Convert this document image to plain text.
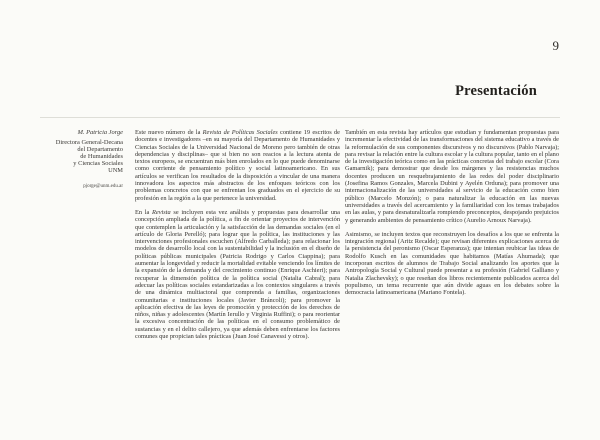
9
Presentación
M. Patricia Jorge
Directora General-Decana
del Departamento
de Humanidades
y Ciencias Sociales
UNM
pjorge@unm.edu.ar

Este nuevo número de la Revista de Políticas Sociales contiene 19 escritos de docentes e investigadores –en su mayoría del Departamento de Humanidades y Ciencias Sociales de la Universidad Nacional de Moreno pero también de otras dependencias y disciplinas– que si bien no son reacios a la lectura atenta de textos europeos, se encuentran más bien enrolados en lo que puede denominarse como corriente de pensamiento político y social latinoamericano. En sus artículos se verifican los resultados de la disposición a vincular de una manera innovadora los aspectos más abstractos de los enfoques teóricos con los problemas concretos con que se enfrentan los graduados en el ejercicio de su profesión en la región a la que pertenece la universidad.

En la Revista se incluyen esta vez análisis y propuestas para desarrollar una concepción ampliada de la política, a fin de orientar proyectos de intervención que contemplen la articulación y la satisfacción de las demandas sociales (en el artículo de Gloria Perelló); para lograr que la política, las instituciones y las intervenciones profesionales escuchen (Alfredo Carballeda); para relacionar los modelos de desarrollo local con la sustentabilidad y la inclusión en el diseño de políticas públicas municipales (Patricia Rodrigo y Carlos Ciappina); para aumentar la longevidad y reducir la mortalidad evitable venciendo los límites de la expansión de la demanda y del crecimiento continuo (Enrique Aschieri); para recuperar la dimensión política de la política social (Natalia Cabral); para adecuar las políticas sociales estandarizadas a los contextos singulares a través de una dinámica multiactoral que comprenda a familias, organizaciones comunitarias e instituciones locales (Javier Bráncoli); para promover la aplicación efectiva de las leyes de promoción y protección de los derechos de niños, niñas y adolescentes (Martín Ierullo y Virginia Ruffini); o para reorientar la excesiva concentración de las políticas en el consumo problemático de sustancias y en el delito callejero, ya que además deben enfrentarse los factores comunes que propician tales prácticas (Juan José Canavessi y otros).

También en esta revista hay artículos que estudian y fundamentan propuestas para incrementar la efectividad de las transformaciones del sistema educativo a través de la reformulación de sus componentes discursivos y no discursivos (Pablo Narvaja); para revisar la relación entre la cultura escolar y la cultura popular, tanto en el plano de la investigación teórica como en las prácticas concretas del trabajo escolar (Cora Gamarnik); para demostrar que desde los márgenes y las resistencias muchos docentes producen un resquebrajamiento de las redes del poder disciplinario (Josefina Ramos Gonzales, Marcela Dubini y Ayelén Orduna); para promover una internacionalización de las universidades al servicio de la educación como bien público (Marcelo Monzón); o para naturalizar la educación en las nuevas universidades a través del acercamiento y la familiaridad con los temas trabajados en las aulas, y para desnaturalizarla rompiendo preconceptos, despojando prejuicios y generando ambientes de pensamiento crítico (Aurelio Arnoux Narvaja).

Asimismo, se incluyen textos que reconstruyen los desafíos a los que se enfrenta la integración regional (Aritz Recalde); que revisan diferentes explicaciones acerca de la persistencia del peronismo (Oscar Esperanza); que intentan reubicar las ideas de Rodolfo Kusch en las comunidades que habitamos (Matías Ahumada); que incorporan escritos de alumnos de Trabajo Social analizando los aportes que la Antropología Social y Cultural puede presentar a su profesión (Gabriel Galliano y Natalia Zlachevsky); o que reseñan dos libros recientemente publicados acerca del populismo, un tema recurrente que aún divide aguas en los debates sobre la democracia latinoamericana (Mariano Fontela).
